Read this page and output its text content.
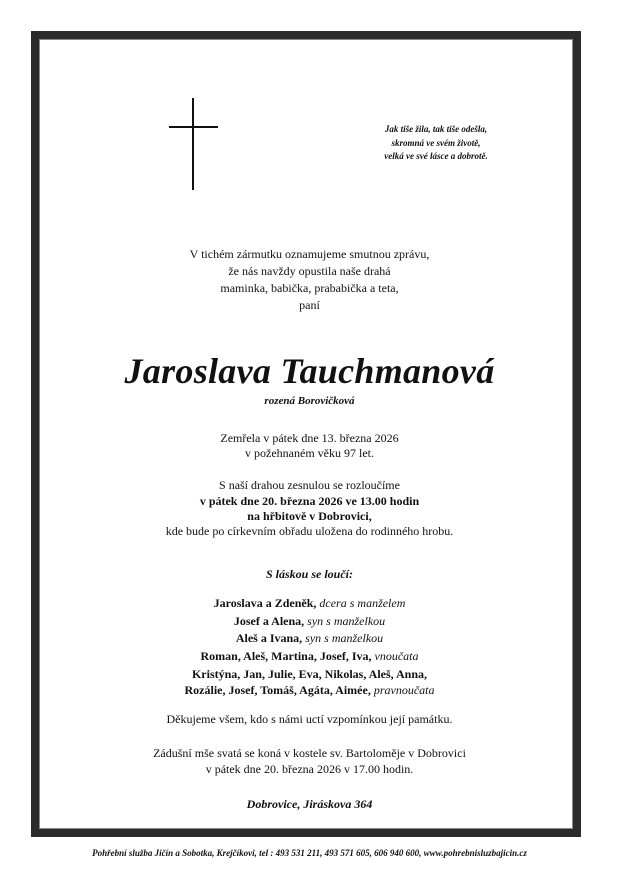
Jak tiše žila, tak tiše odešla,
skromná ve svém životě,
velká ve své lásce a dobrotě.
V tichém zármutku oznamujeme smutnou zprávu,
že nás navždy opustila naše drahá
maminka, babička, prababička a teta,
paní
Jaroslava Tauchmanová
rozená Borovičková
Zemřela v pátek dne 13. března 2026
v požehnaném věku 97 let.
S naší drahou zesnulou se rozloučíme
v pátek dne 20. března 2026 ve 13.00 hodin
na hřbitově v Dobrovici,
kde bude po církevním obřadu uložena do rodinného hrobu.
S láskou se loučí:
Jaroslava a Zdeněk, dcera s manželem
Josef a Alena, syn s manželkou
Aleš a Ivana, syn s manželkou
Roman, Aleš, Martina, Josef, Iva, vnoučata
Kristýna, Jan, Julie, Eva, Nikolas, Aleš, Anna,
Rozálie, Josef, Tomáš, Agáta, Aimée, pravnoučata
Děkujeme všem, kdo s námi uctí vzpomínkou její památku.
Zádušní mše svatá se koná v kostele sv. Bartoloměje v Dobrovici
v pátek dne 20. března 2026 v 17.00 hodin.
Dobrovice, Jiráskova 364
Pohřební služba Jičín a Sobotka, Krejčíkovi, tel : 493 531 211, 493 571 605, 606 940 600, www.pohrebnisluzbajicin.cz
